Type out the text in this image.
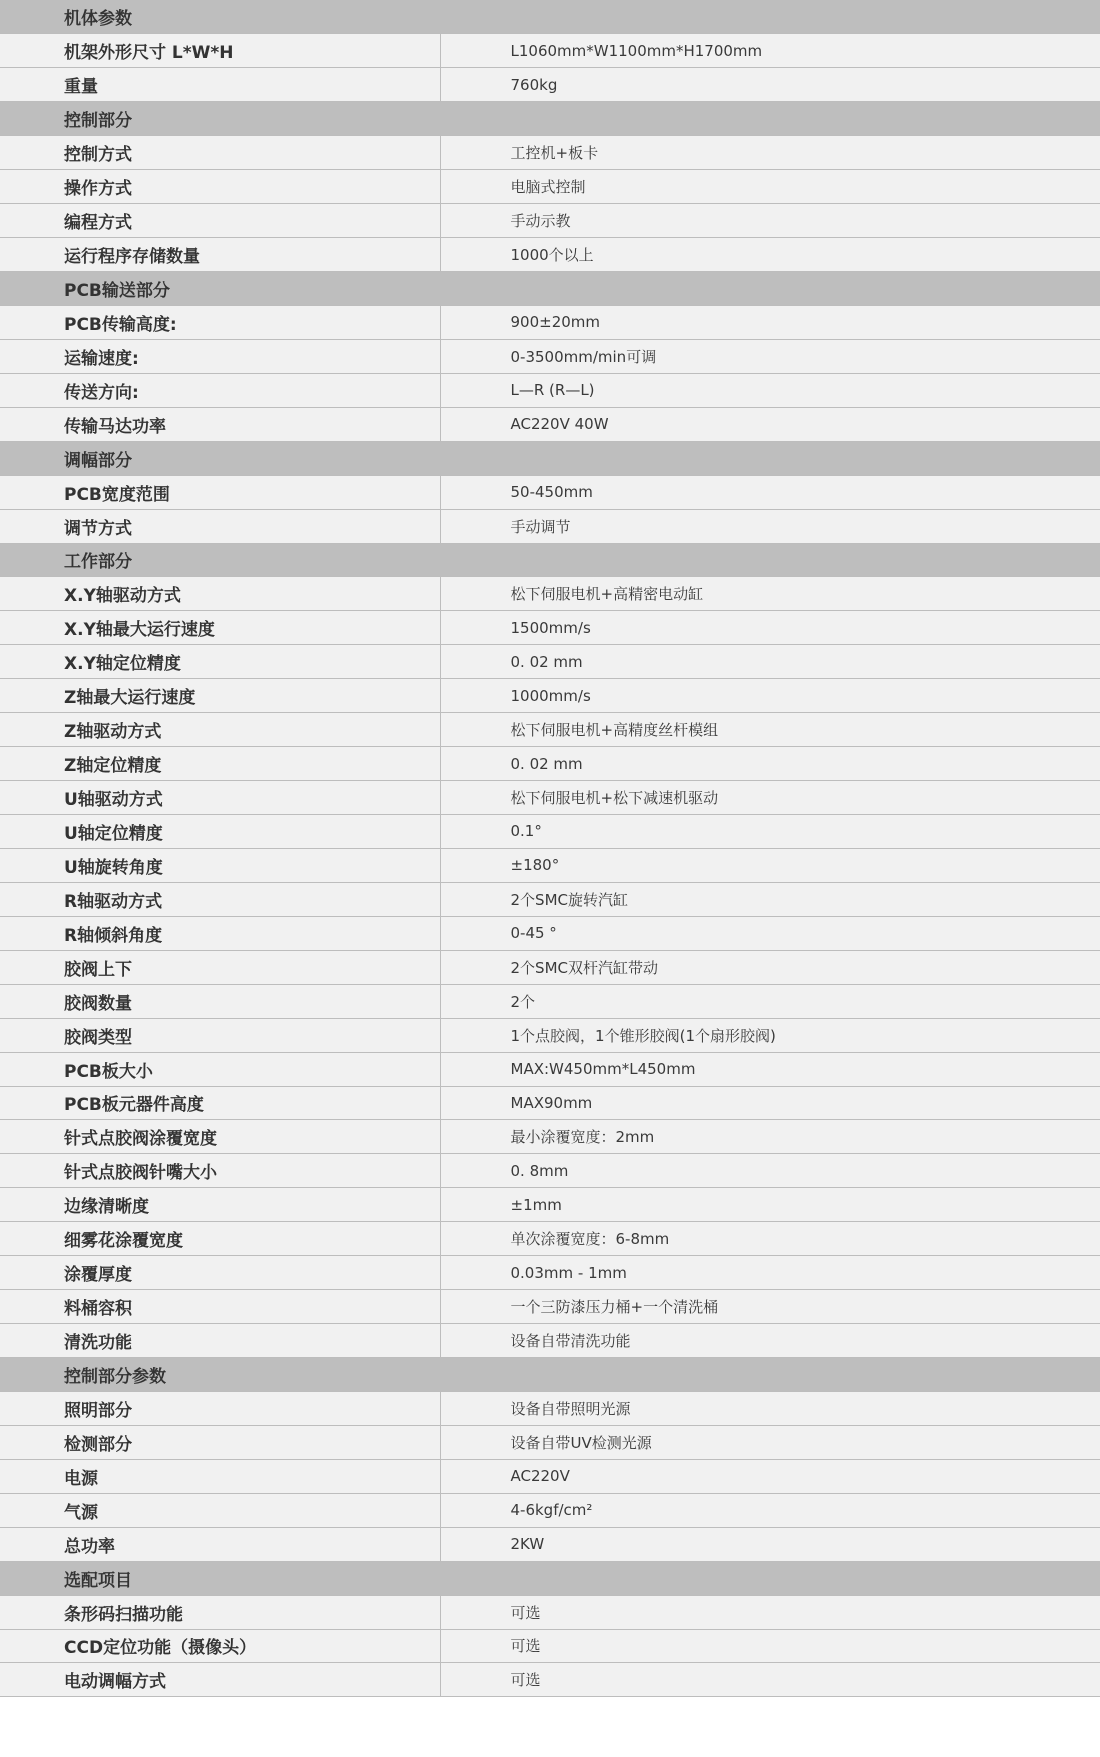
机体参数	
机架外形尺寸 L*W*H	L1060mm*W1100mm*H1700mm
重量	760kg
控制部分	
控制方式	工控机+板卡
操作方式	电脑式控制
编程方式	手动示教
运行程序存储数量	1000个以上
PCB输送部分	
PCB传输高度:	900±20mm
运输速度:	0-3500mm/min可调
传送方向:	L—R (R—L)
传输马达功率	AC220V 40W
调幅部分	
PCB宽度范围	50-450mm
调节方式	手动调节
工作部分	
X.Y轴驱动方式	松下伺服电机+高精密电动缸
X.Y轴最大运行速度	1500mm/s
X.Y轴定位精度	0. 02 mm
Z轴最大运行速度	1000mm/s
Z轴驱动方式	松下伺服电机+高精度丝杆模组
Z轴定位精度	0. 02 mm
U轴驱动方式	松下伺服电机+松下减速机驱动
U轴定位精度	0.1°
U轴旋转角度	±180°
R轴驱动方式	2个SMC旋转汽缸
R轴倾斜角度	0-45 °
胶阀上下	2个SMC双杆汽缸带动
胶阀数量	2个
胶阀类型	1个点胶阀，1个锥形胶阀(1个扇形胶阀)
PCB板大小	MAX:W450mm*L450mm
PCB板元器件高度	MAX90mm
针式点胶阀涂覆宽度	最小涂覆宽度：2mm
针式点胶阀针嘴大小	0. 8mm
边缘清晰度	±1mm
细雾花涂覆宽度	单次涂覆宽度：6-8mm
涂覆厚度	0.03mm - 1mm
料桶容积	一个三防漆压力桶+一个清洗桶
清洗功能	设备自带清洗功能
控制部分参数	
照明部分	设备自带照明光源
检测部分	设备自带UV检测光源
电源	AC220V
气源	4-6kgf/cm²
总功率	2KW
选配项目	
条形码扫描功能	可选
CCD定位功能（摄像头）	可选
电动调幅方式	可选
